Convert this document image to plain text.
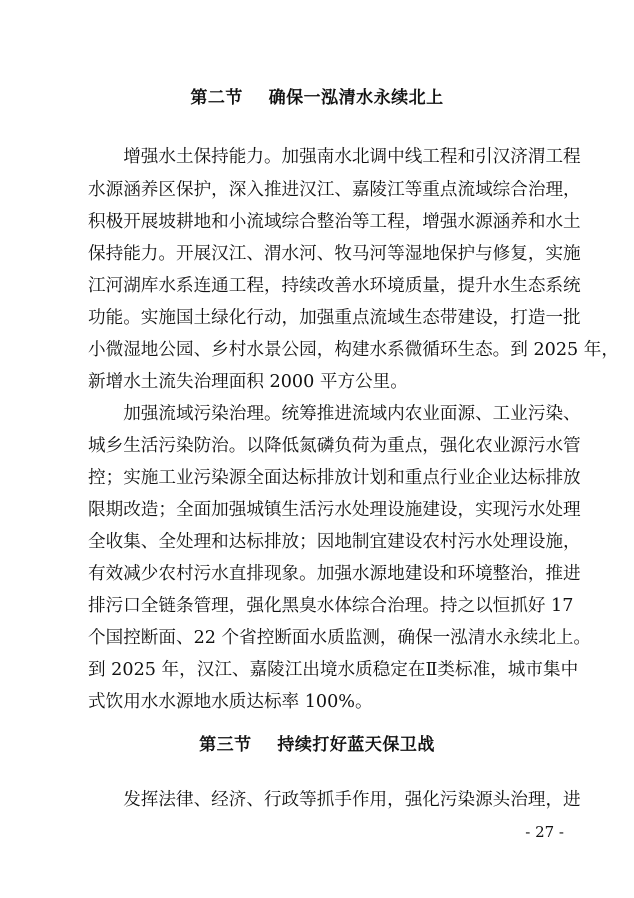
第二节    确保一泓清水永续北上
　　增强水土保持能力。加强南水北调中线工程和引汉济渭工程
水源涵养区保护，深入推进汉江、嘉陵江等重点流域综合治理，
积极开展坡耕地和小流域综合整治等工程，增强水源涵养和水土
保持能力。开展汉江、渭水河、牧马河等湿地保护与修复，实施
江河湖库水系连通工程，持续改善水环境质量，提升水生态系统
功能。实施国土绿化行动，加强重点流域生态带建设，打造一批
小微湿地公园、乡村水景公园，构建水系微循环生态。到 2025 年，
新增水土流失治理面积 2000 平方公里。
　　加强流域污染治理。统筹推进流域内农业面源、工业污染、
城乡生活污染防治。以降低氮磷负荷为重点，强化农业源污水管
控；实施工业污染源全面达标排放计划和重点行业企业达标排放
限期改造；全面加强城镇生活污水处理设施建设，实现污水处理
全收集、全处理和达标排放；因地制宜建设农村污水处理设施，
有效减少农村污水直排现象。加强水源地建设和环境整治，推进
排污口全链条管理，强化黑臭水体综合治理。持之以恒抓好 17
个国控断面、22 个省控断面水质监测，确保一泓清水永续北上。
到 2025 年，汉江、嘉陵江出境水质稳定在Ⅱ类标准，城市集中
式饮用水水源地水质达标率 100%。
第三节    持续打好蓝天保卫战
　　发挥法律、经济、行政等抓手作用，强化污染源头治理，进
- 27 -
